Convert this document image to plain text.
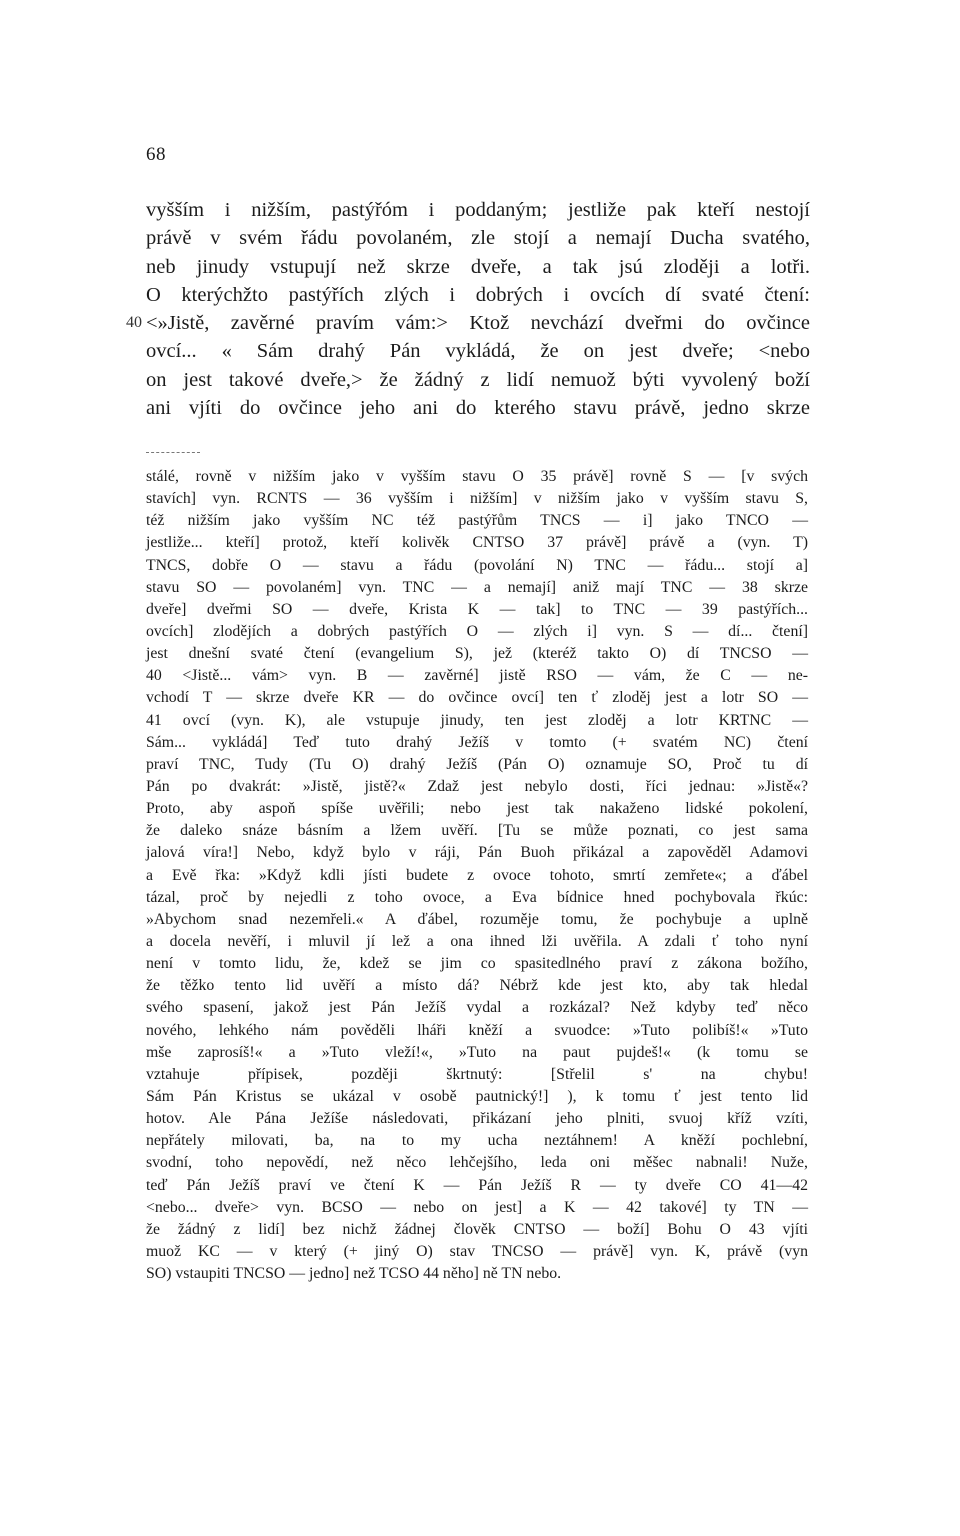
68
vyšším i nižším, pastýřóm i poddaným; jestliže pak kteří nestojí
právě v svém řádu povolaném, zle stojí a nemají Ducha svatého,
neb jinudy vstupují než skrze dveře, a tak jsú zloději a lotři.
O kterýchžto pastýřích zlých i dobrých i ovcích dí svaté čtení:
40 <»Jistě, zavěrné pravím vám:> Ktož nevchází dveřmi do ovčince
ovcí... « Sám drahý Pán vykládá, že on jest dveře; <nebo
on jest takové dveře,> že žádný z lidí nemuož býti vyvolený boží
ani vjíti do ovčince jeho ani do kterého stavu právě, jedno skrze
stálé, rovně v nižším jako v vyšším stavu O 35 právě] rovně S — [v svých
stavích] vyn. RCNTS — 36 vyšším i nižším] v nižším jako v vyšším stavu S,
též nižším jako vyšším NC též pastýřům TNCS — i] jako TNCO —
jestliže... kteří] protož, kteří kolivěk CNTSO 37 právě] právě a (vyn. T)
TNCS, dobře O — stavu a řádu (povolání N) TNC — řádu... stojí a]
stavu SO — povolaném] vyn. TNC — a nemají] aniž mají TNC — 38 skrze
dveře] dveřmi SO — dveře, Krista K — tak] to TNC — 39 pastýřích...
ovcích] zlodějích a dobrých pastýřích O — zlých i] vyn. S — dí... čtení]
jest dnešní svaté čtení (evangelium S), jež (kteréž takto O) dí TNCSO —
40 <Jistě... vám> vyn. B — zavěrné] jistě RSO — vám, že C — ne-
vchodí T — skrze dveře KR — do ovčince ovcí] ten ť zloděj jest a lotr SO —
41 ovcí (vyn. K), ale vstupuje jinudy, ten jest zloděj a lotr KRTNC —
Sám... vykládá] Teď tuto drahý Ježíš v tomto (+ svatém NC) čtení
praví TNC, Tudy (Tu O) drahý Ježíš (Pán O) oznamuje SO, Proč tu dí
Pán po dvakrát: »Jistě, jistě?« Zdaž jest nebylo dosti, říci jednau: »Jistě«?
Proto, aby aspoň spíše uvěřili; nebo jest tak nakaženo lidské pokolení,
že daleko snáze básním a lžem uvěří. [Tu se může poznati, co jest sama
jalová víra!] Nebo, když bylo v ráji, Pán Buoh přikázal a zapověděl Adamovi
a Evě řka: »Když kdli jísti budete z ovoce tohoto, smrtí zemřete«; a ďábel
tázal, proč by nejedli z toho ovoce, a Eva bídnice hned pochybovala řkúc:
»Abychom snad nezemřeli.« A ďábel, rozuměje tomu, že pochybuje a uplně
a docela nevěří, i mluvil jí lež a ona ihned lži uvěřila. A zdali ť toho nyní
není v tomto lidu, že, kdež se jim co spasitedlného praví z zákona božího,
že těžko tento lid uvěří a místo dá? Nébrž kde jest kto, aby tak hledal
svého spasení, jakož jest Pán Ježíš vydal a rozkázal? Než kdyby teď něco
nového, lehkého nám pověděli lháři kněží a svuodce: »Tuto polibíš!« »Tuto
mše zaprosíš!« a »Tuto vleží!«, »Tuto na paut pujdeš!« (k tomu se
vztahuje přípisek, později škrtnutý: [Střelil s' na chybu!
Sám Pán Kristus se ukázal v osobě pautnický!] ), k tomu ť jest tento lid
hotov. Ale Pána Ježíše následovati, přikázaní jeho plniti, svuoj kříž vzíti,
nepřátely milovati, ba, na to my ucha neztáhnem! A kněží pochlební,
svodní, toho nepovědí, než něco lehčejšího, leda oni měšec nabnali! Nuže,
teď Pán Ježíš praví ve čtení K — Pán Ježíš R — ty dveře CO 41—42
<nebo... dveře> vyn. BCSO — nebo on jest] a K — 42 takové] ty TN —
že žádný z lidí] bez nichž žádnej člověk CNTSO — boží] Bohu O 43 vjíti
muož KC — v který (+ jiný O) stav TNCSO — právě] vyn. K, právě (vyn
SO) vstaupiti TNCSO — jedno] než TCSO 44 něho] ně TN nebo.
